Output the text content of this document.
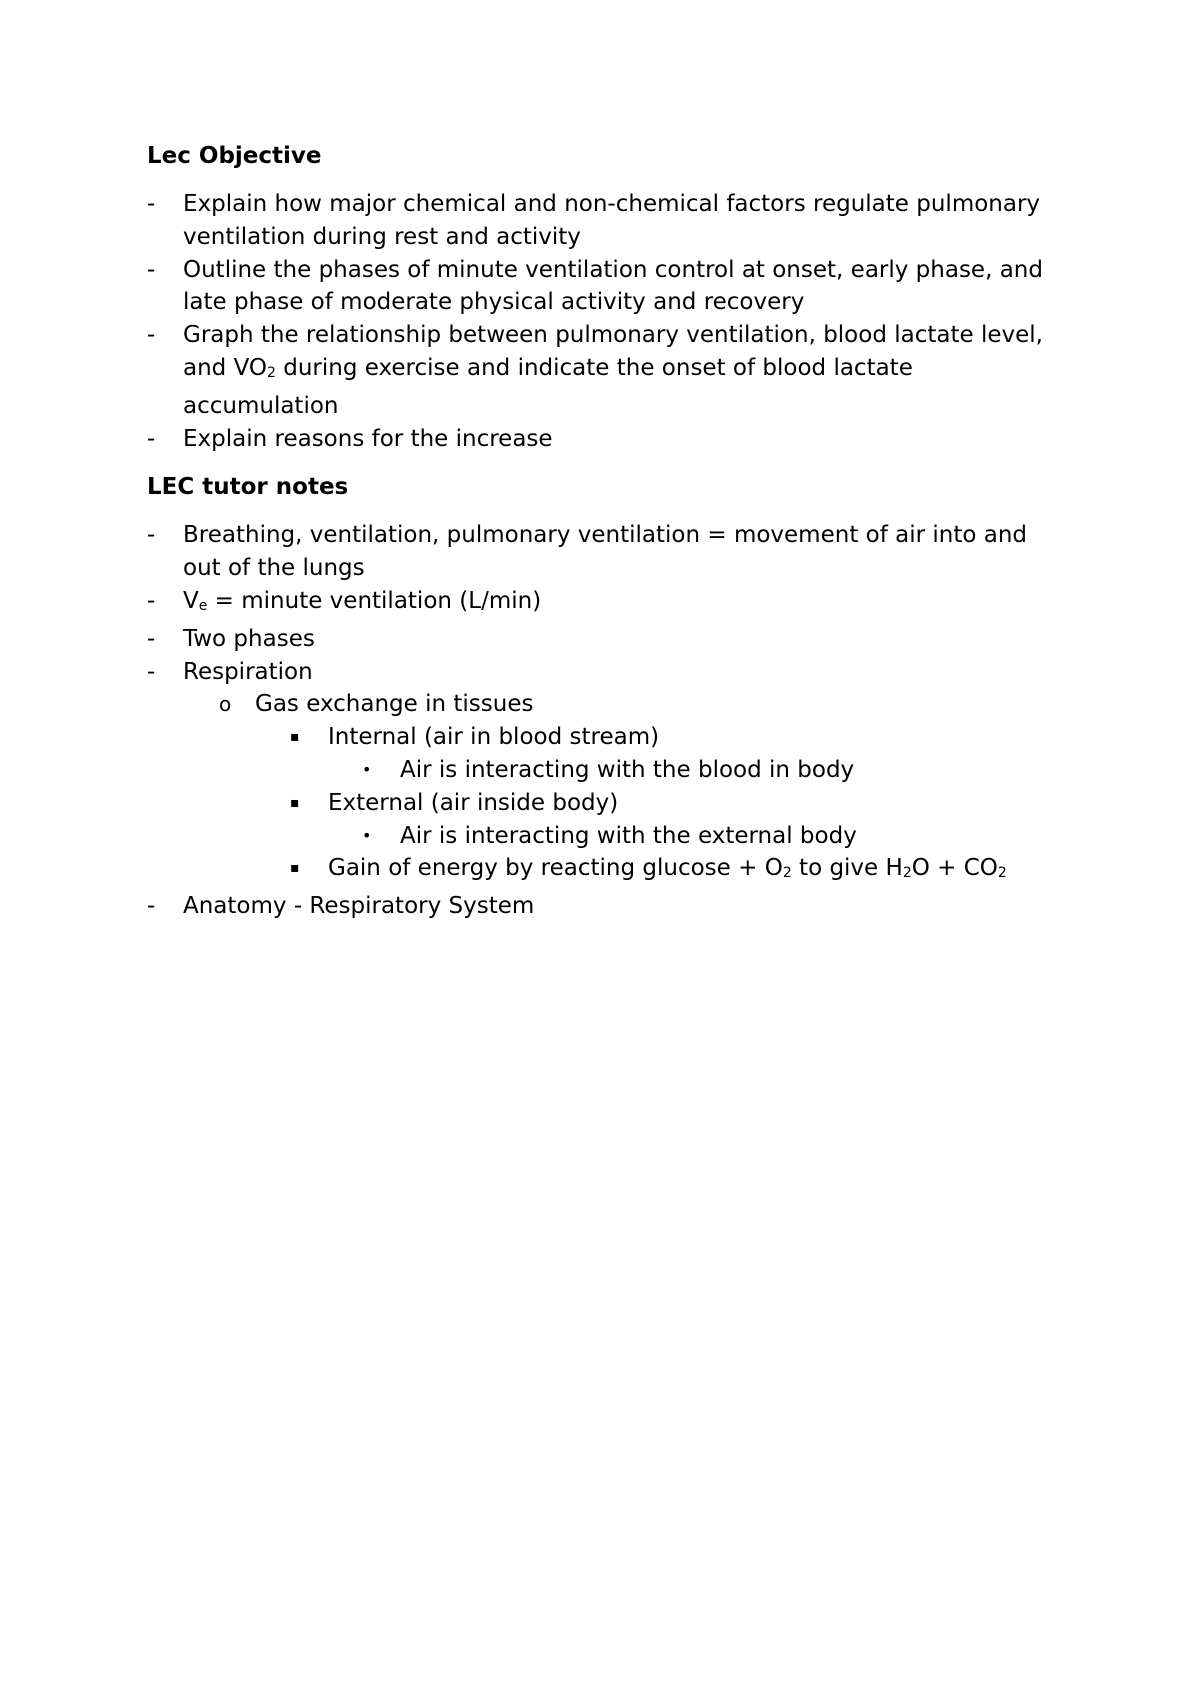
Lec Objective
- Explain how major chemical and non-chemical factors regulate pulmonary ventilation during rest and activity
- Outline the phases of minute ventilation control at onset, early phase, and late phase of moderate physical activity and recovery
- Graph the relationship between pulmonary ventilation, blood lactate level, and VO2 during exercise and indicate the onset of blood lactate accumulation
- Explain reasons for the increase
LEC tutor notes
- Breathing, ventilation, pulmonary ventilation = movement of air into and out of the lungs
- Ve = minute ventilation (L/min)
- Two phases
- Respiration
o Gas exchange in tissues
▪ Internal (air in blood stream)
• Air is interacting with the blood in body
▪ External (air inside body)
• Air is interacting with the external body
▪ Gain of energy by reacting glucose + O2 to give H2O + CO2
- Anatomy - Respiratory System
